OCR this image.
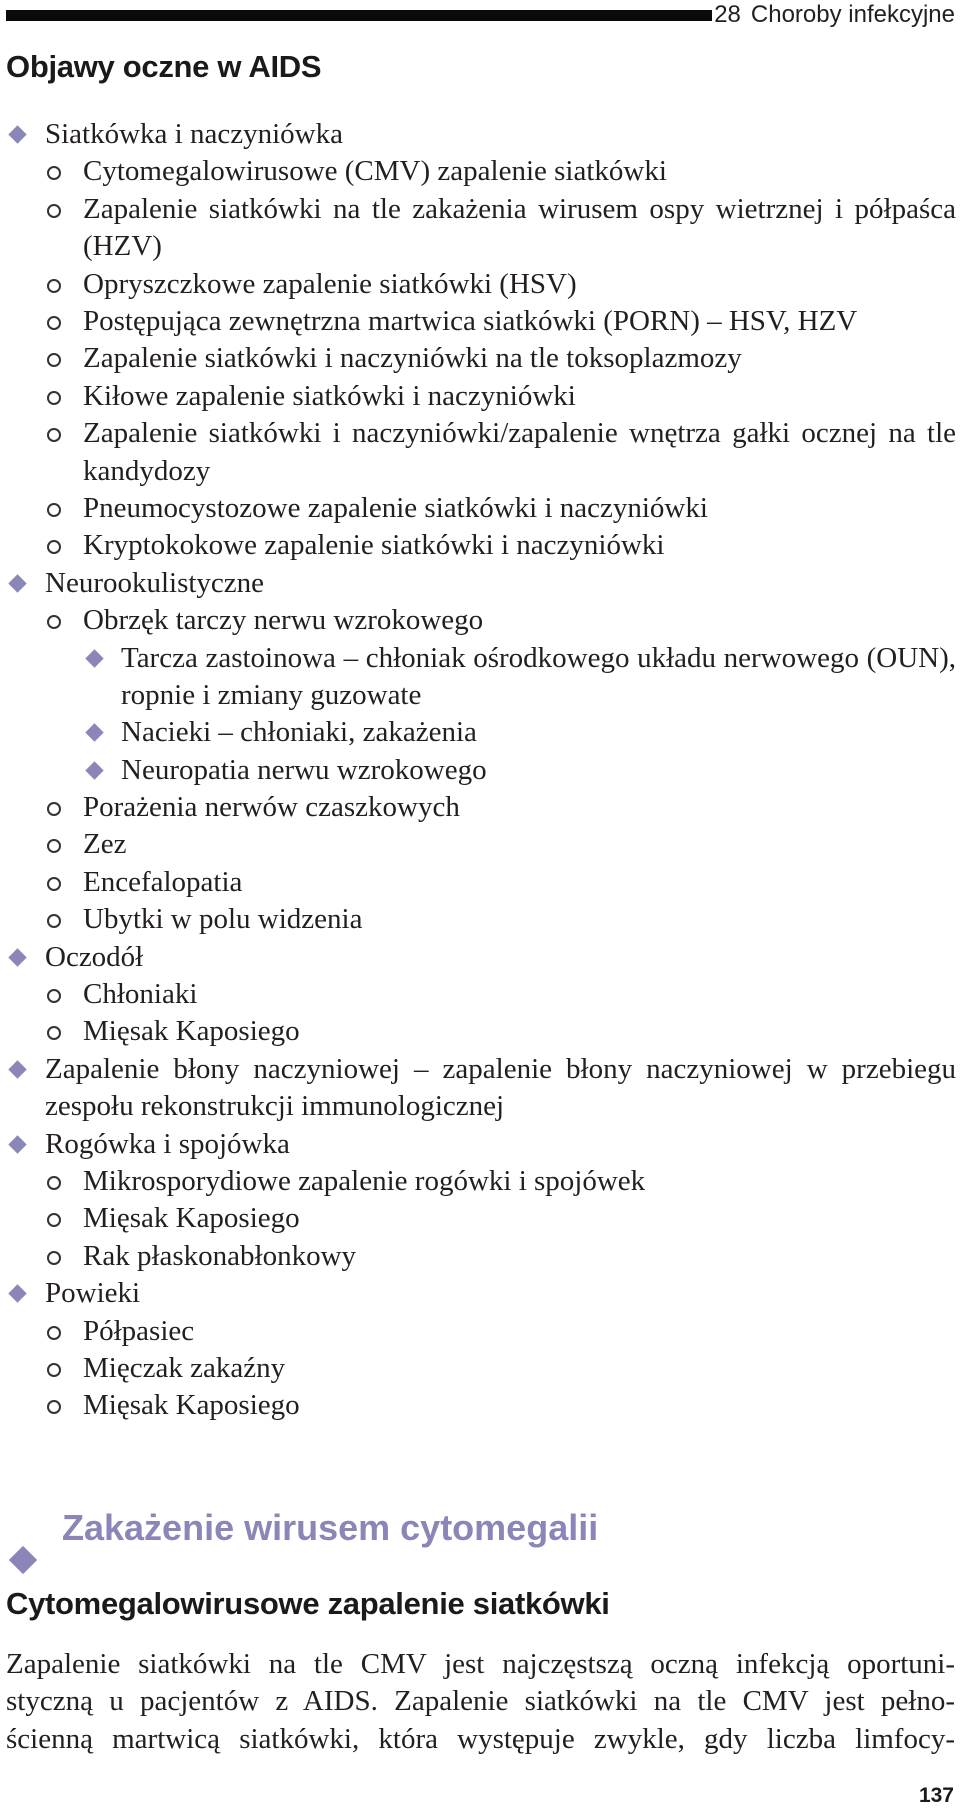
28 Choroby infekcyjne
Objawy oczne w AIDS
Siatkówka i naczyniówka
Cytomegalowirusowe (CMV) zapalenie siatkówki
Zapalenie siatkówki na tle zakażenia wirusem ospy wietrznej i półpaśca (HZV)
Opryszczkowe zapalenie siatkówki (HSV)
Postępująca zewnętrzna martwica siatkówki (PORN) – HSV, HZV
Zapalenie siatkówki i naczyniówki na tle toksoplazmozy
Kiłowe zapalenie siatkówki i naczyniówki
Zapalenie siatkówki i naczyniówki/zapalenie wnętrza gałki ocznej na tle kandydozy
Pneumocystozowe zapalenie siatkówki i naczyniówki
Kryptokokowe zapalenie siatkówki i naczyniówki
Neurookulistyczne
Obrzęk tarczy nerwu wzrokowego
Tarcza zastoinowa – chłoniak ośrodkowego układu nerwowego (OUN), ropnie i zmiany guzowate
Nacieki – chłoniaki, zakażenia
Neuropatia nerwu wzrokowego
Porażenia nerwów czaszkowych
Zez
Encefalopatia
Ubytki w polu widzenia
Oczodół
Chłoniaki
Mięsak Kaposiego
Zapalenie błony naczyniowej – zapalenie błony naczyniowej w przebiegu zespołu rekonstrukcji immunologicznej
Rogówka i spojówka
Mikrosporydiowe zapalenie rogówki i spojówek
Mięsak Kaposiego
Rak płaskonabłonkowy
Powieki
Półpasiec
Mięczak zakaźny
Mięsak Kaposiego
Zakażenie wirusem cytomegalii
Cytomegalowirusowe zapalenie siatkówki
Zapalenie siatkówki na tle CMV jest najczęstszą oczną infekcją oportuni-
styczną u pacjentów z AIDS. Zapalenie siatkówki na tle CMV jest pełno-
ścienną martwicą siatkówki, która występuje zwykle, gdy liczba limfocy-
137
